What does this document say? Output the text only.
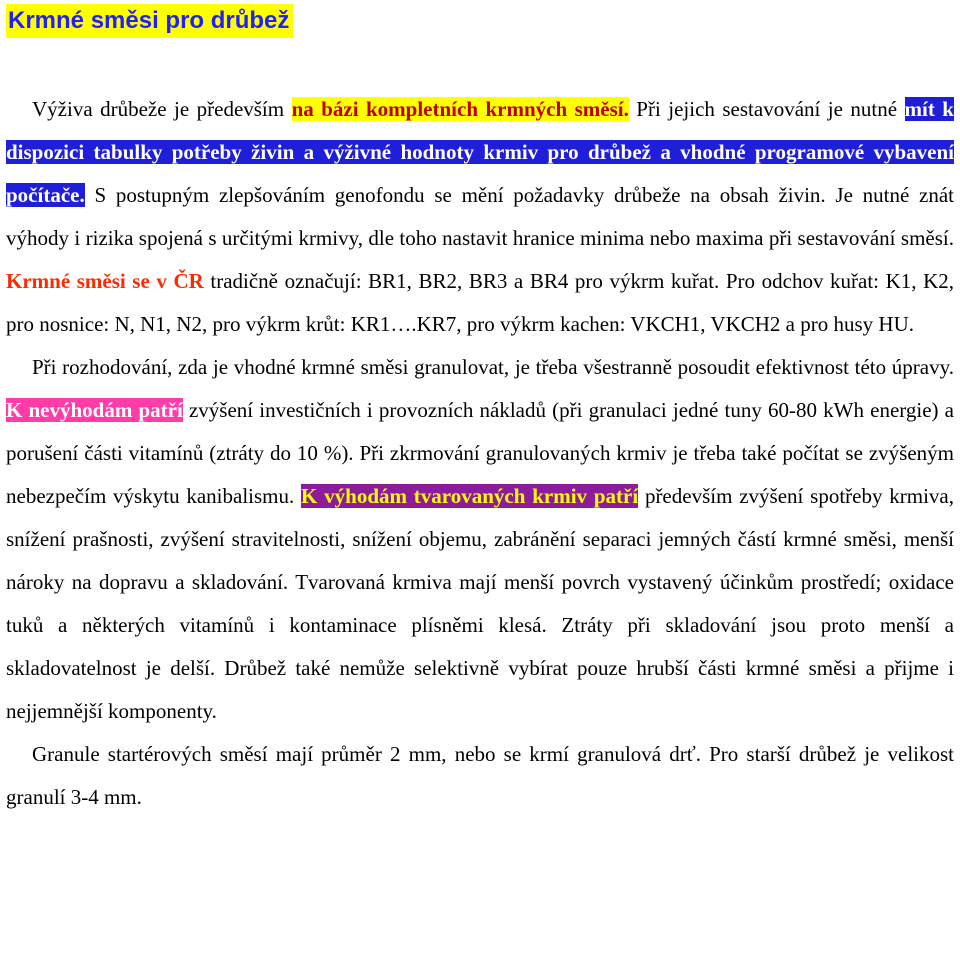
Krmné směsi pro drůbež

Výživa drůbeže je především na bázi kompletních krmných směsí. Při jejich sestavování je nutné mít k dispozici tabulky potřeby živin a výživné hodnoty krmiv pro drůbež a vhodné programové vybavení počítače. S postupným zlepšováním genofondu se mění požadavky drůbeže na obsah živin. Je nutné znát výhody i rizika spojená s určitými krmivy, dle toho nastavit hranice minima nebo maxima při sestavování směsí. Krmné směsi se v ČR tradičně označují: BR1, BR2, BR3 a BR4 pro výkrm kuřat. Pro odchov kuřat: K1, K2, pro nosnice: N, N1, N2, pro výkrm krůt: KR1….KR7, pro výkrm kachen: VKCH1, VKCH2 a pro husy HU.

Při rozhodování, zda je vhodné krmné směsi granulovat, je třeba všestranně posoudit efektivnost této úpravy. K nevýhodám patří zvýšení investičních i provozních nákladů (při granulaci jedné tuny 60-80 kWh energie) a porušení části vitamínů (ztráty do 10 %). Při zkrmování granulovaných krmiv je třeba také počítat se zvýšeným nebezpečím výskytu kanibalismu. K výhodám tvarovaných krmiv patří především zvýšení spotřeby krmiva, snížení prašnosti, zvýšení stravitelnosti, snížení objemu, zabránění separaci jemných částí krmné směsi, menší nároky na dopravu a skladování. Tvarovaná krmiva mají menší povrch vystavený účinkům prostředí; oxidace tuků a některých vitamínů i kontaminace plísněmi klesá. Ztráty při skladování jsou proto menší a skladovatelnost je delší. Drůbež také nemůže selektivně vybírat pouze hrubší části krmné směsi a přijme i nejjemnější komponenty.

Granule startérových směsí mají průměr 2 mm, nebo se krmí granulová drť. Pro starší drůbež je velikost granulí 3-4 mm.
